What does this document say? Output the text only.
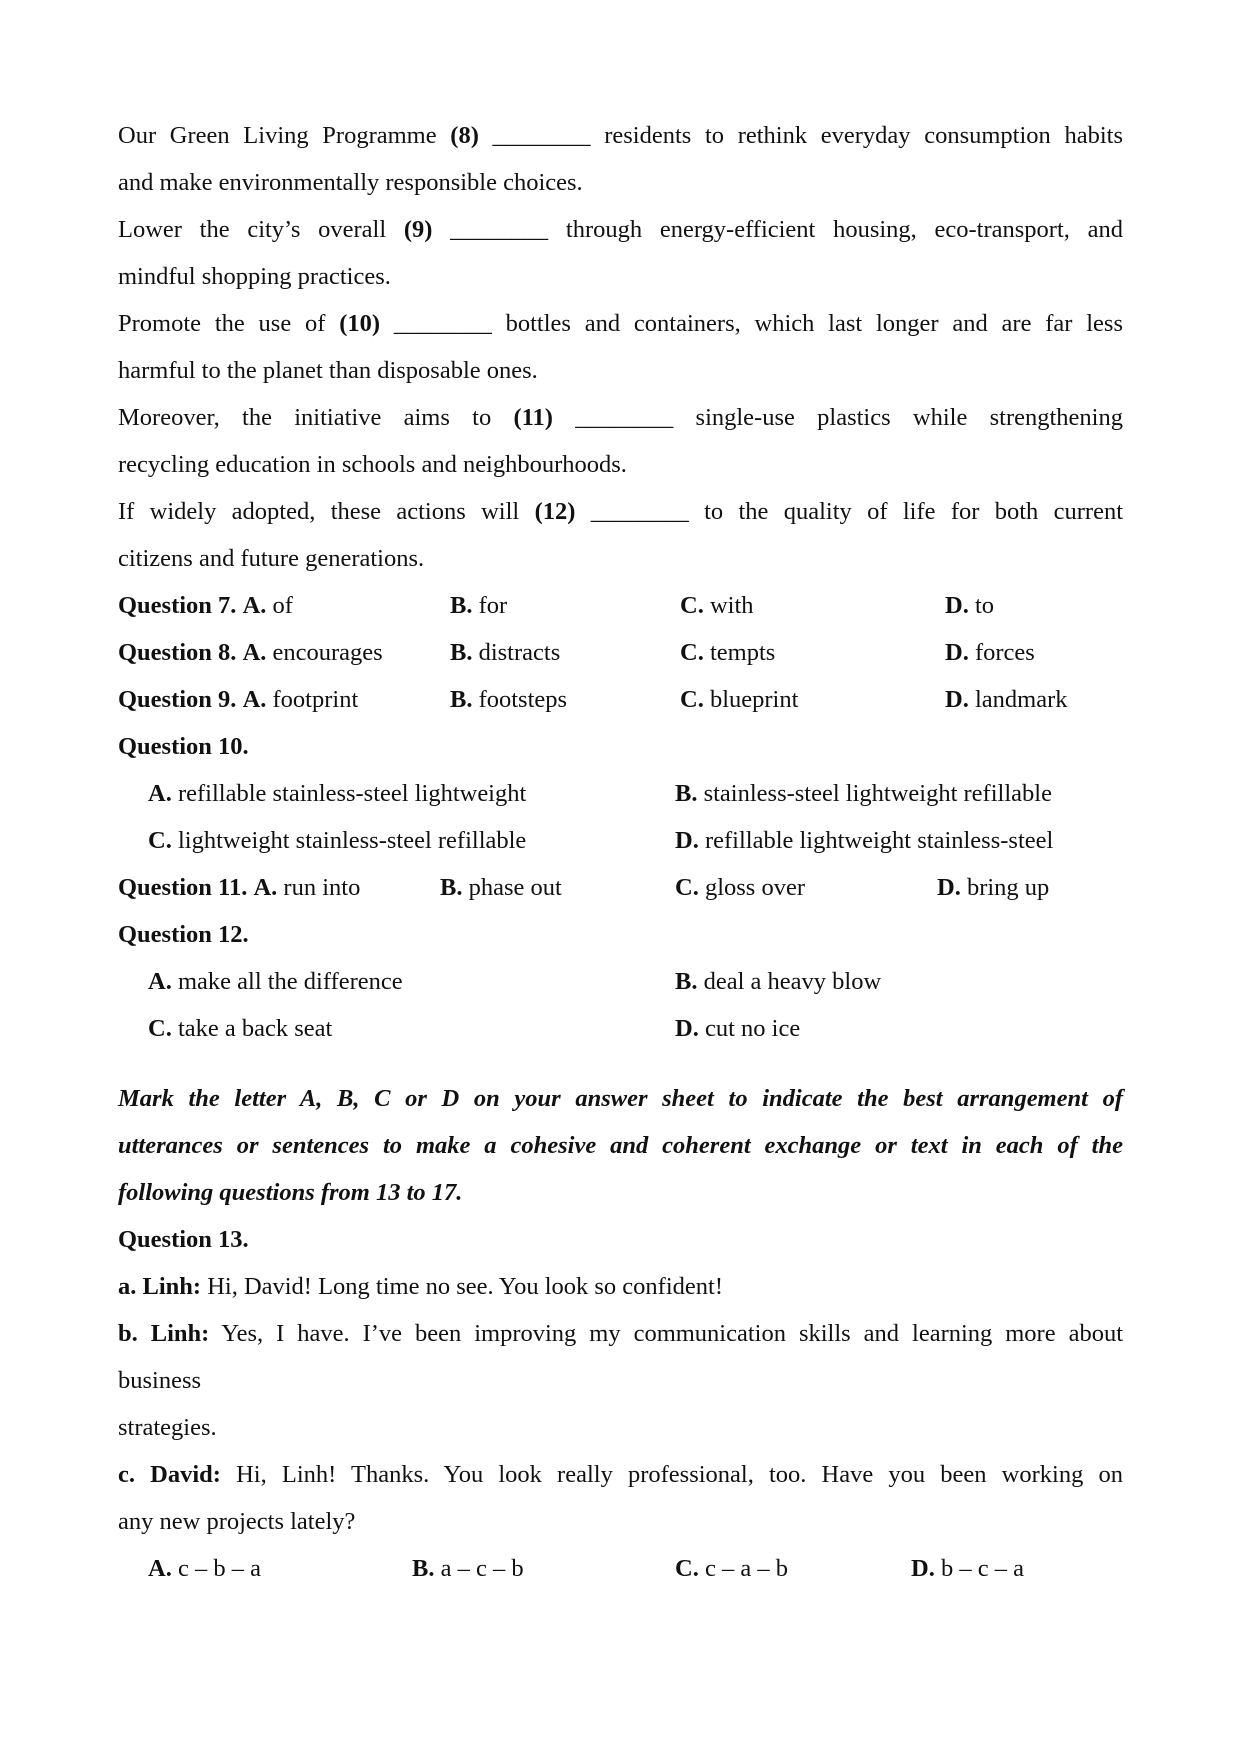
Our Green Living Programme (8) ________ residents to rethink everyday consumption habits
and make environmentally responsible choices.
Lower the city’s overall (9) ________ through energy-efficient housing, eco-transport, and
mindful shopping practices.
Promote the use of (10) ________ bottles and containers, which last longer and are far less
harmful to the planet than disposable ones.
Moreover, the initiative aims to (11) ________ single-use plastics while strengthening
recycling education in schools and neighbourhoods.
If widely adopted, these actions will (12) ________ to the quality of life for both current
citizens and future generations.
Question 7. A. of	B. for	C. with	D. to
Question 8. A. encourages	B. distracts	C. tempts	D. forces
Question 9. A. footprint	B. footsteps	C. blueprint	D. landmark
Question 10.
A. refillable stainless-steel lightweight	B. stainless-steel lightweight refillable
C. lightweight stainless-steel refillable	D. refillable lightweight stainless-steel
Question 11. A. run into	B. phase out	C. gloss over	D. bring up
Question 12.
A. make all the difference	B. deal a heavy blow
C. take a back seat	D. cut no ice
Mark the letter A, B, C or D on your answer sheet to indicate the best arrangement of
utterances or sentences to make a cohesive and coherent exchange or text in each of the
following questions from 13 to 17.
Question 13.
a. Linh: Hi, David! Long time no see. You look so confident!
b. Linh: Yes, I have. I’ve been improving my communication skills and learning more about
business
strategies.
c. David: Hi, Linh! Thanks. You look really professional, too. Have you been working on
any new projects lately?
A. c – b – a	B. a – c – b	C. c – a – b	D. b – c – a
